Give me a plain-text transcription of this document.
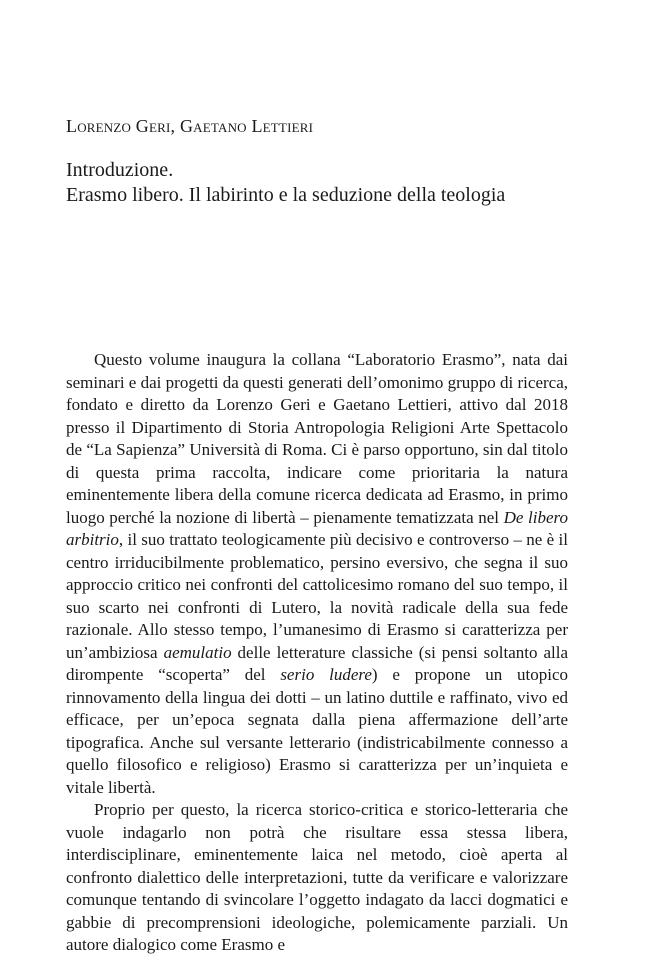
Lorenzo Geri, Gaetano Lettieri
Introduzione.
Erasmo libero. Il labirinto e la seduzione della teologia

Questo volume inaugura la collana “Laboratorio Erasmo”, nata dai seminari e dai progetti da questi generati dell’omonimo gruppo di ricerca, fondato e diretto da Lorenzo Geri e Gaetano Lettieri, attivo dal 2018 presso il Dipartimento di Storia Antropologia Religioni Arte Spettacolo de “La Sapienza” Università di Roma. Ci è parso opportuno, sin dal titolo di questa prima raccolta, indicare come prioritaria la natura eminentemente libera della comune ricerca dedicata ad Erasmo, in primo luogo perché la nozione di libertà – pienamente tematizzata nel De libero arbitrio, il suo trattato teologicamente più decisivo e controverso – ne è il centro irriducibilmente problematico, persino eversivo, che segna il suo approccio critico nei confronti del cattolicesimo romano del suo tempo, il suo scarto nei confronti di Lutero, la novità radicale della sua fede razionale. Allo stesso tempo, l’umanesimo di Erasmo si caratterizza per un’ambiziosa aemulatio delle letterature classiche (si pensi soltanto alla dirompente “scoperta” del serio ludere) e propone un utopico rinnovamento della lingua dei dotti – un latino duttile e raffinato, vivo ed efficace, per un’epoca segnata dalla piena affermazione dell’arte tipografica. Anche sul versante letterario (indistricabilmente connesso a quello filosofico e religioso) Erasmo si caratterizza per un’inquieta e vitale libertà.

Proprio per questo, la ricerca storico-critica e storico-letteraria che vuole indagarlo non potrà che risultare essa stessa libera, interdisciplinare, eminentemente laica nel metodo, cioè aperta al confronto dialettico delle interpretazioni, tutte da verificare e valorizzare comunque tentando di svincolare l’oggetto indagato da lacci dogmatici e gabbie di precomprensioni ideologiche, polemicamente parziali. Un autore dialogico come Erasmo e
